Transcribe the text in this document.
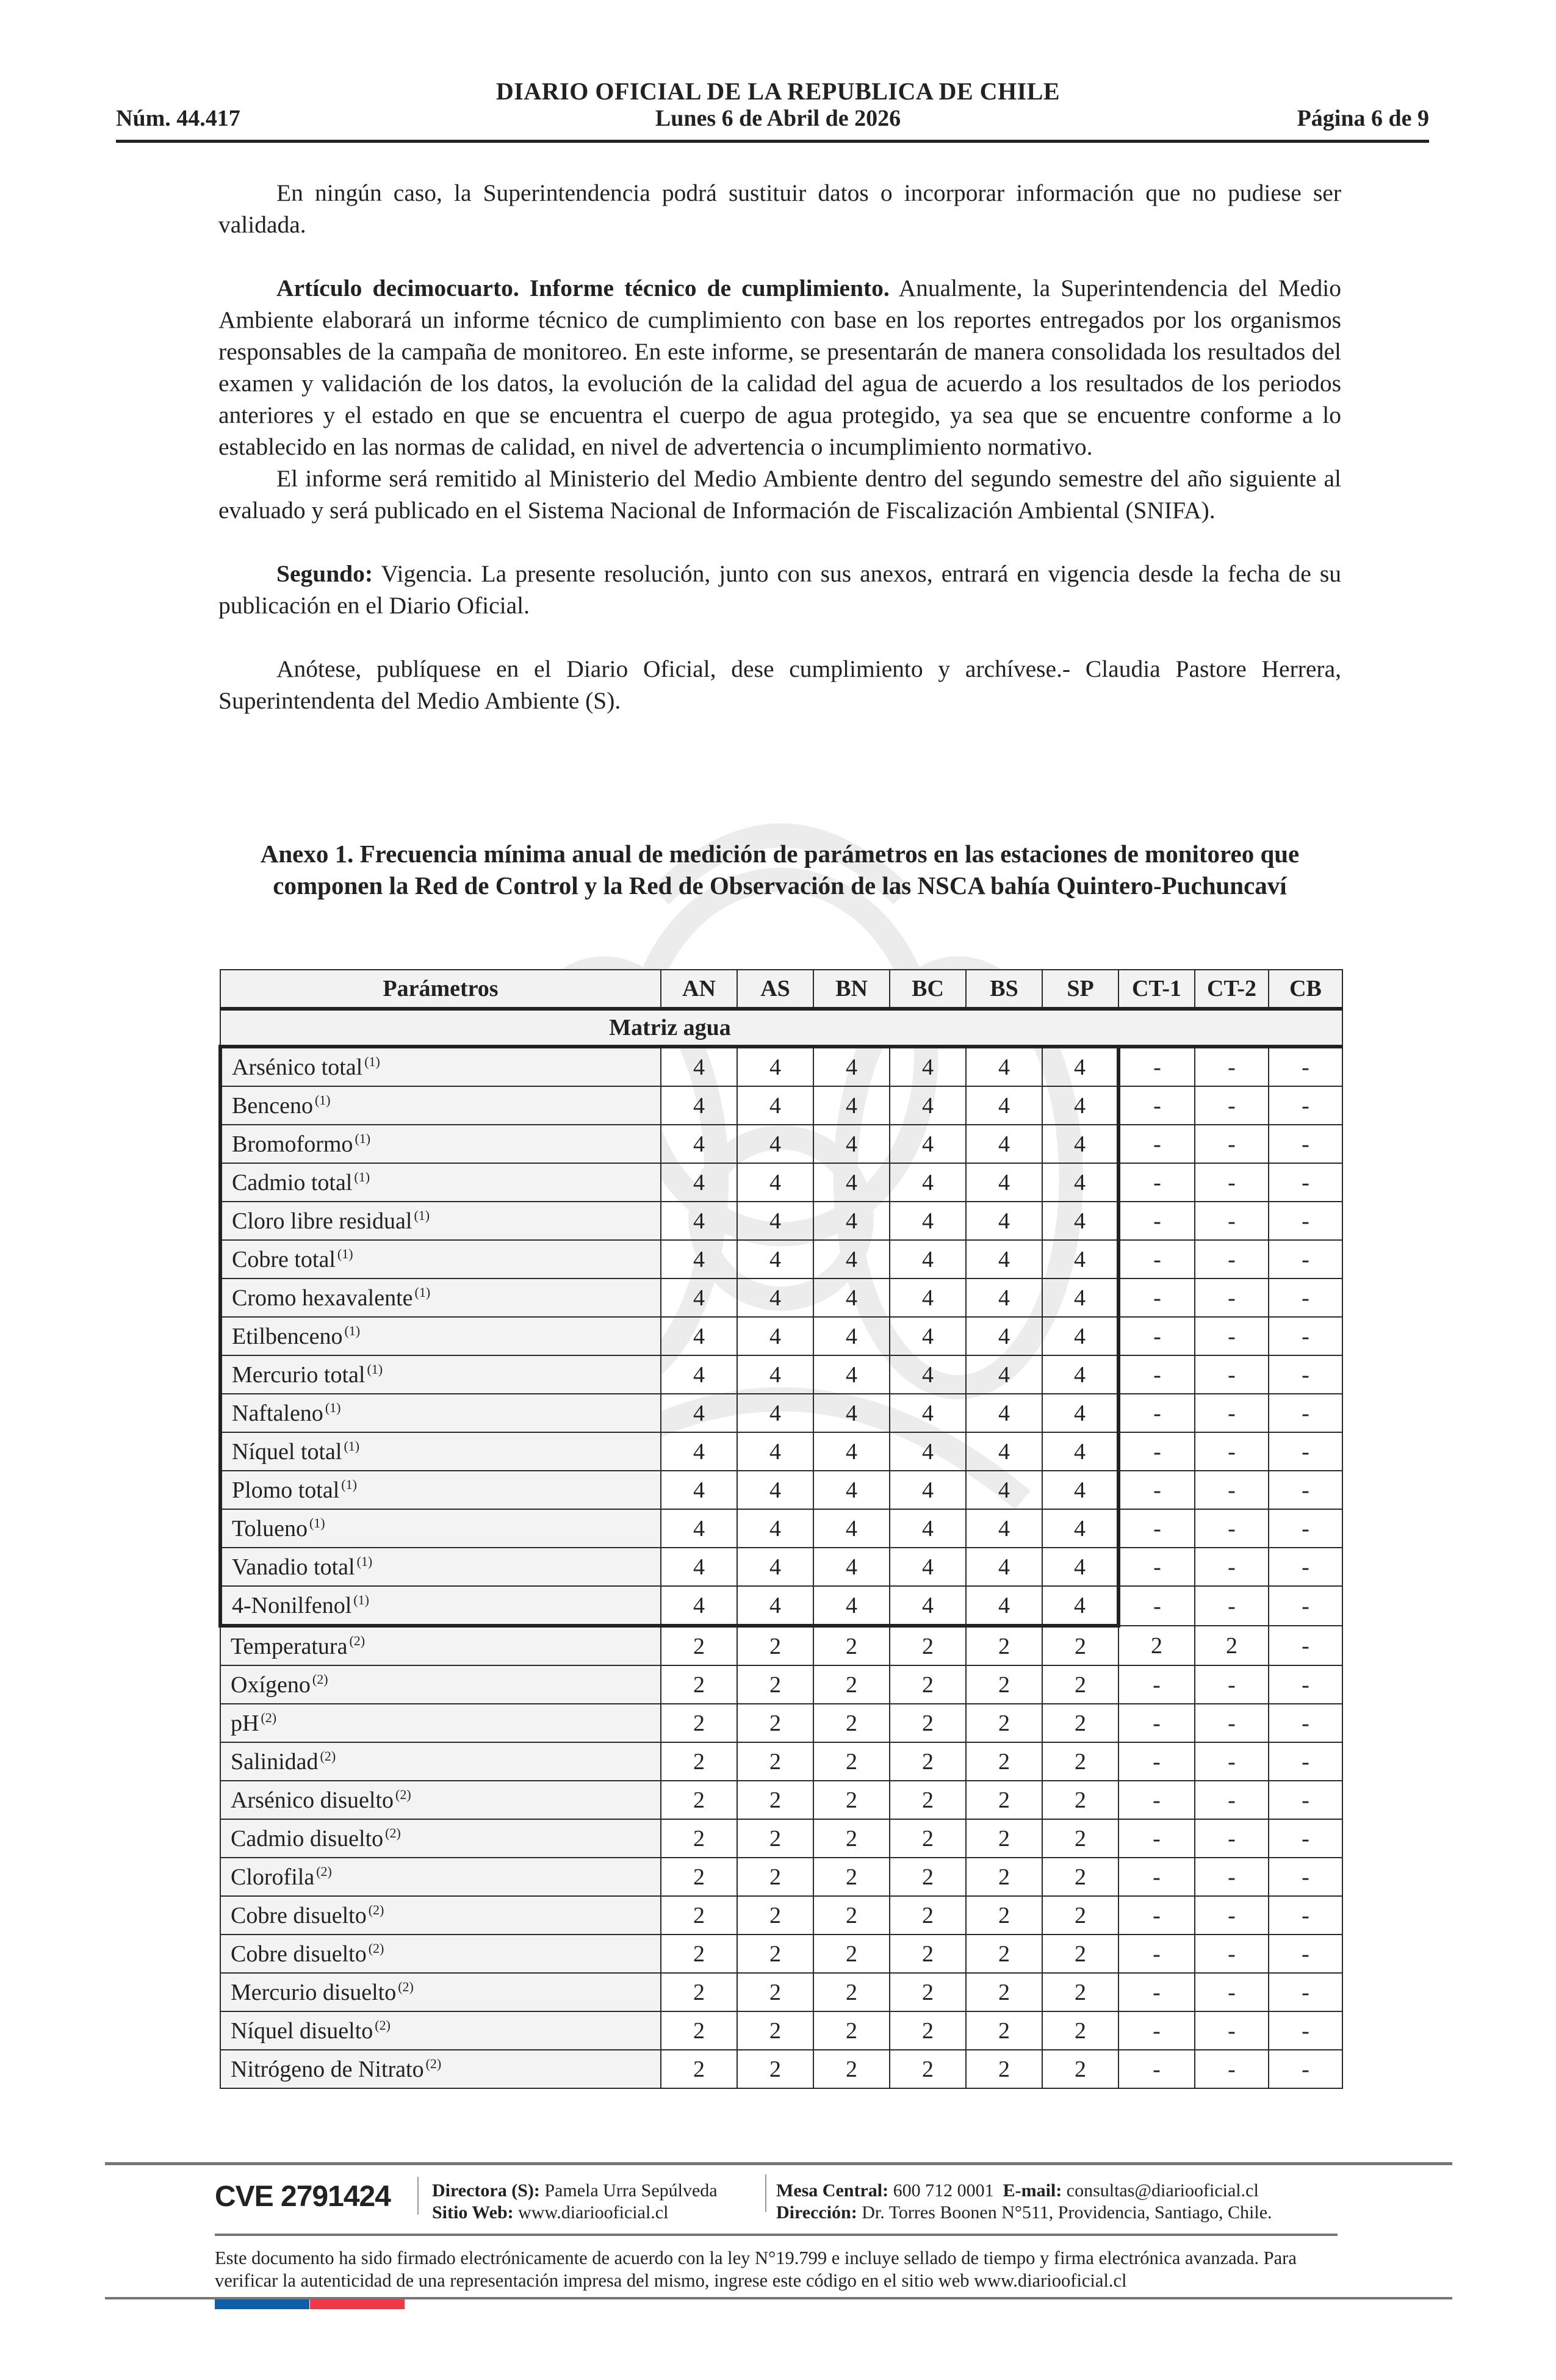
DIARIO OFICIAL DE LA REPUBLICA DE CHILE
Núm. 44.417	Lunes 6 de Abril de 2026	Página 6 de 9

En ningún caso, la Superintendencia podrá sustituir datos o incorporar información que no pudiese ser validada.

Artículo decimocuarto. Informe técnico de cumplimiento. Anualmente, la Superintendencia del Medio Ambiente elaborará un informe técnico de cumplimiento con base en los reportes entregados por los organismos responsables de la campaña de monitoreo. En este informe, se presentarán de manera consolidada los resultados del examen y validación de los datos, la evolución de la calidad del agua de acuerdo a los resultados de los periodos anteriores y el estado en que se encuentra el cuerpo de agua protegido, ya sea que se encuentre conforme a lo establecido en las normas de calidad, en nivel de advertencia o incumplimiento normativo.

El informe será remitido al Ministerio del Medio Ambiente dentro del segundo semestre del año siguiente al evaluado y será publicado en el Sistema Nacional de Información de Fiscalización Ambiental (SNIFA).

Segundo: Vigencia. La presente resolución, junto con sus anexos, entrará en vigencia desde la fecha de su publicación en el Diario Oficial.

Anótese, publíquese en el Diario Oficial, dese cumplimiento y archívese.- Claudia Pastore Herrera, Superintendenta del Medio Ambiente (S).

Anexo 1. Frecuencia mínima anual de medición de parámetros en las estaciones de monitoreo que componen la Red de Control y la Red de Observación de las NSCA bahía Quintero-Puchuncaví
Parámetros	AN	AS	BN	BC	BS	SP	CT-1	CT-2	CB
Matriz agua									
Arsénico total $^{(1)}$	4	4	4	4	4	4	-	-	-
Benceno $^{(1)}$	4	4	4	4	4	4	-	-	-
Bromoformo $^{(1)}$	4	4	4	4	4	4	-	-	-
Cadmio total $^{(1)}$	4	4	4	4	4	4	-	-	-
Cloro libre residual $^{(1)}$	4	4	4	4	4	4	-	-	-
Cobre total $^{(1)}$	4	4	4	4	4	4	-	-	-
Cromo hexavalente $^{(1)}$	4	4	4	4	4	4	-	-	-
Etilbenceno $^{(1)}$	4	4	4	4	4	4	-	-	-
Mercurio total $^{(1)}$	4	4	4	4	4	4	-	-	-
Naftaleno $^{(1)}$	4	4	4	4	4	4	-	-	-
Níquel total $^{(1)}$	4	4	4	4	4	4	-	-	-
Plomo total $^{(1)}$	4	4	4	4	4	4	-	-	-
Tolueno $^{(1)}$	4	4	4	4	4	4	-	-	-
Vanadio total $^{(1)}$	4	4	4	4	4	4	-	-	-
4-Nonilfenol $^{(1)}$	4	4	4	4	4	4	-	-	-
Temperatura $^{(2)}$	2	2	2	2	2	2	2	2	-
Oxígeno $^{(2)}$	2	2	2	2	2	2	-	-	-
pH $^{(2)}$	2	2	2	2	2	2	-	-	-
Salinidad $^{(2)}$	2	2	2	2	2	2	-	-	-
Arsénico disuelto $^{(2)}$	2	2	2	2	2	2	-	-	-
Cadmio disuelto $^{(2)}$	2	2	2	2	2	2	-	-	-
Clorofila $^{(2)}$	2	2	2	2	2	2	-	-	-
Cobre disuelto $^{(2)}$	2	2	2	2	2	2	-	-	-
Cobre disuelto $^{(2)}$	2	2	2	2	2	2	-	-	-
Mercurio disuelto $^{(2)}$	2	2	2	2	2	2	-	-	-
Níquel disuelto $^{(2)}$	2	2	2	2	2	2	-	-	-
Nitrógeno de Nitrato $^{(2)}$	2	2	2	2	2	2	-	-	-
CVE 2791424 Directora (S): Pamela Urra Sepúlveda
Sitio Web: www.diariooficial.cl
Mesa Central: 600 712 0001 E-mail: consultas@diariooficial.cl
Dirección: Dr. Torres Boonen N°511, Providencia, Santiago, Chile.
Este documento ha sido firmado electrónicamente de acuerdo con la ley N°19.799 e incluye sellado de tiempo y firma electrónica avanzada. Para verificar la autenticidad de una representación impresa del mismo, ingrese este código en el sitio web www.diariooficial.cl
